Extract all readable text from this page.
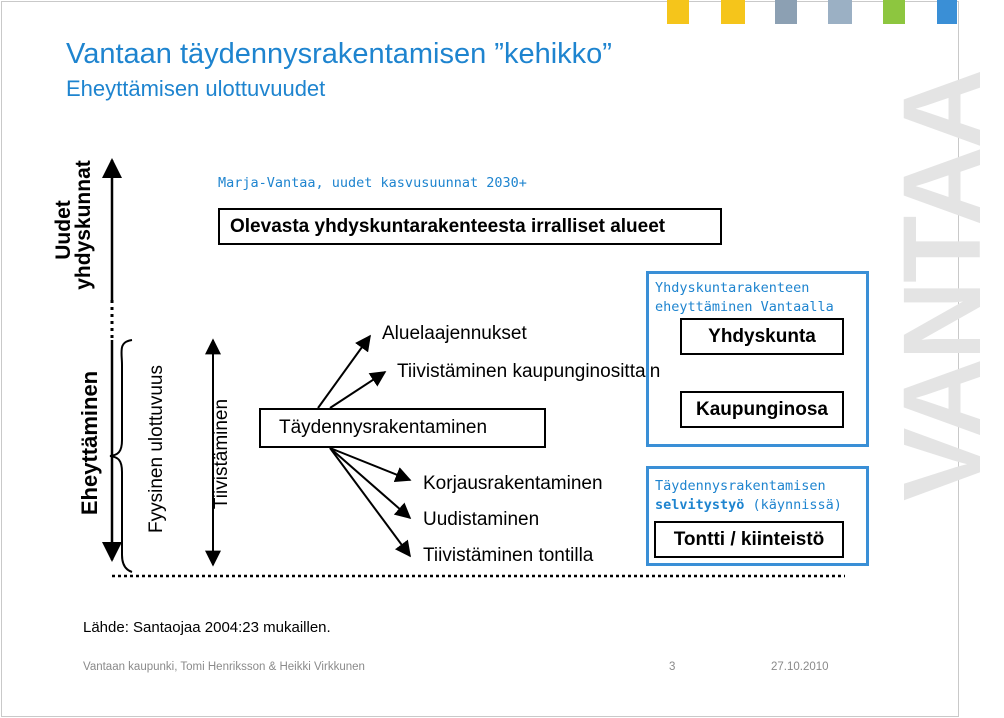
VANTAA
Vantaan täydennysrakentamisen ”kehikko”
Eheyttämisen ulottuvuudet
Marja-Vantaa, uudet kasvusuunnat 2030+
Olevasta yhdyskuntarakenteesta irralliset alueet
Uudet
yhdyskunnat
Eheyttäminen Fyysinen ulottuvuus Tiivistäminen	Täydennysrakentaminen
Aluelaajennukset
Tiivistäminen kaupunginosittain
Korjausrakentaminen
Uudistaminen
Tiivistäminen tontilla
Yhdyskuntarakenteen
eheyttäminen Vantaalla
Yhdyskunta
Kaupunginosa
Täydennysrakentamisen
selvitystyö (käynnissä)
Tontti / kiinteistö
Lähde: Santaojaa 2004:23 mukaillen.
Vantaan kaupunki, Tomi Henriksson & Heikki Virkkunen	3	27.10.2010
